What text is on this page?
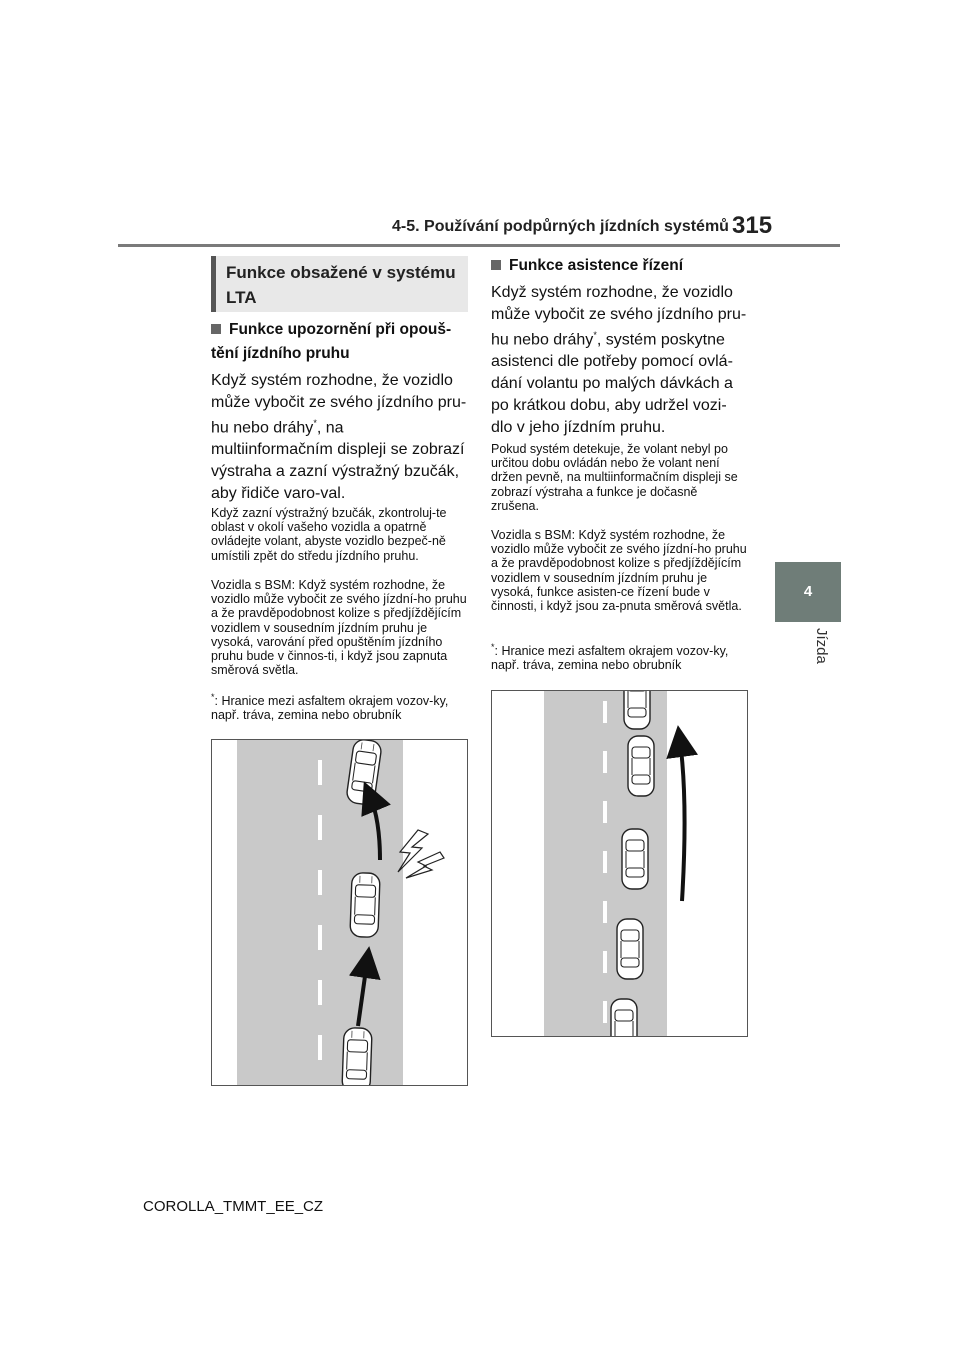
4-5. Používání podpůrných jízdních systémů 315
4
Jízda
Funkce obsažené v systému LTA
Funkce upozornění při opouš-tění jízdního pruhu
Když systém rozhodne, že vozidlo může vybočit ze svého jízdního pru-hu nebo dráhy*, na multiinformačním displeji se zobrazí výstraha a zazní výstražný bzučák, aby řidiče varo-val.
Když zazní výstražný bzučák, zkontroluj-te oblast v okolí vašeho vozidla a opatrně ovládejte volant, abyste vozidlo bezpeč-ně umístili zpět do středu jízdního pruhu.
Vozidla s BSM: Když systém rozhodne, že vozidlo může vybočit ze svého jízdní-ho pruhu a že pravděpodobnost kolize s předjíždějícím vozidlem v sousedním jízdním pruhu je vysoká, varování před opuštěním jízdního pruhu bude v činnos-ti, i když jsou zapnuta směrová světla.
*: Hranice mezi asfaltem okrajem vozov-ky, např. tráva, zemina nebo obrubník
Funkce asistence řízení
Když systém rozhodne, že vozidlo může vybočit ze svého jízdního pru-hu nebo dráhy*, systém poskytne asistenci dle potřeby pomocí ovlá-dání volantu po malých dávkách a po krátkou dobu, aby udržel vozi-dlo v jeho jízdním pruhu.
Pokud systém detekuje, že volant nebyl po určitou dobu ovládán nebo že volant není držen pevně, na multiinformačním displeji se zobrazí výstraha a funkce je dočasně zrušena.
Vozidla s BSM: Když systém rozhodne, že vozidlo může vybočit ze svého jízdní-ho pruhu a že pravděpodobnost kolize s předjíždějícím vozidlem v sousedním jízdním pruhu je vysoká, funkce asisten-ce řízení bude v činnosti, i když jsou za-pnuta směrová světla.
*: Hranice mezi asfaltem okrajem vozov-ky, např. tráva, zemina nebo obrubník
COROLLA_TMMT_EE_CZ
